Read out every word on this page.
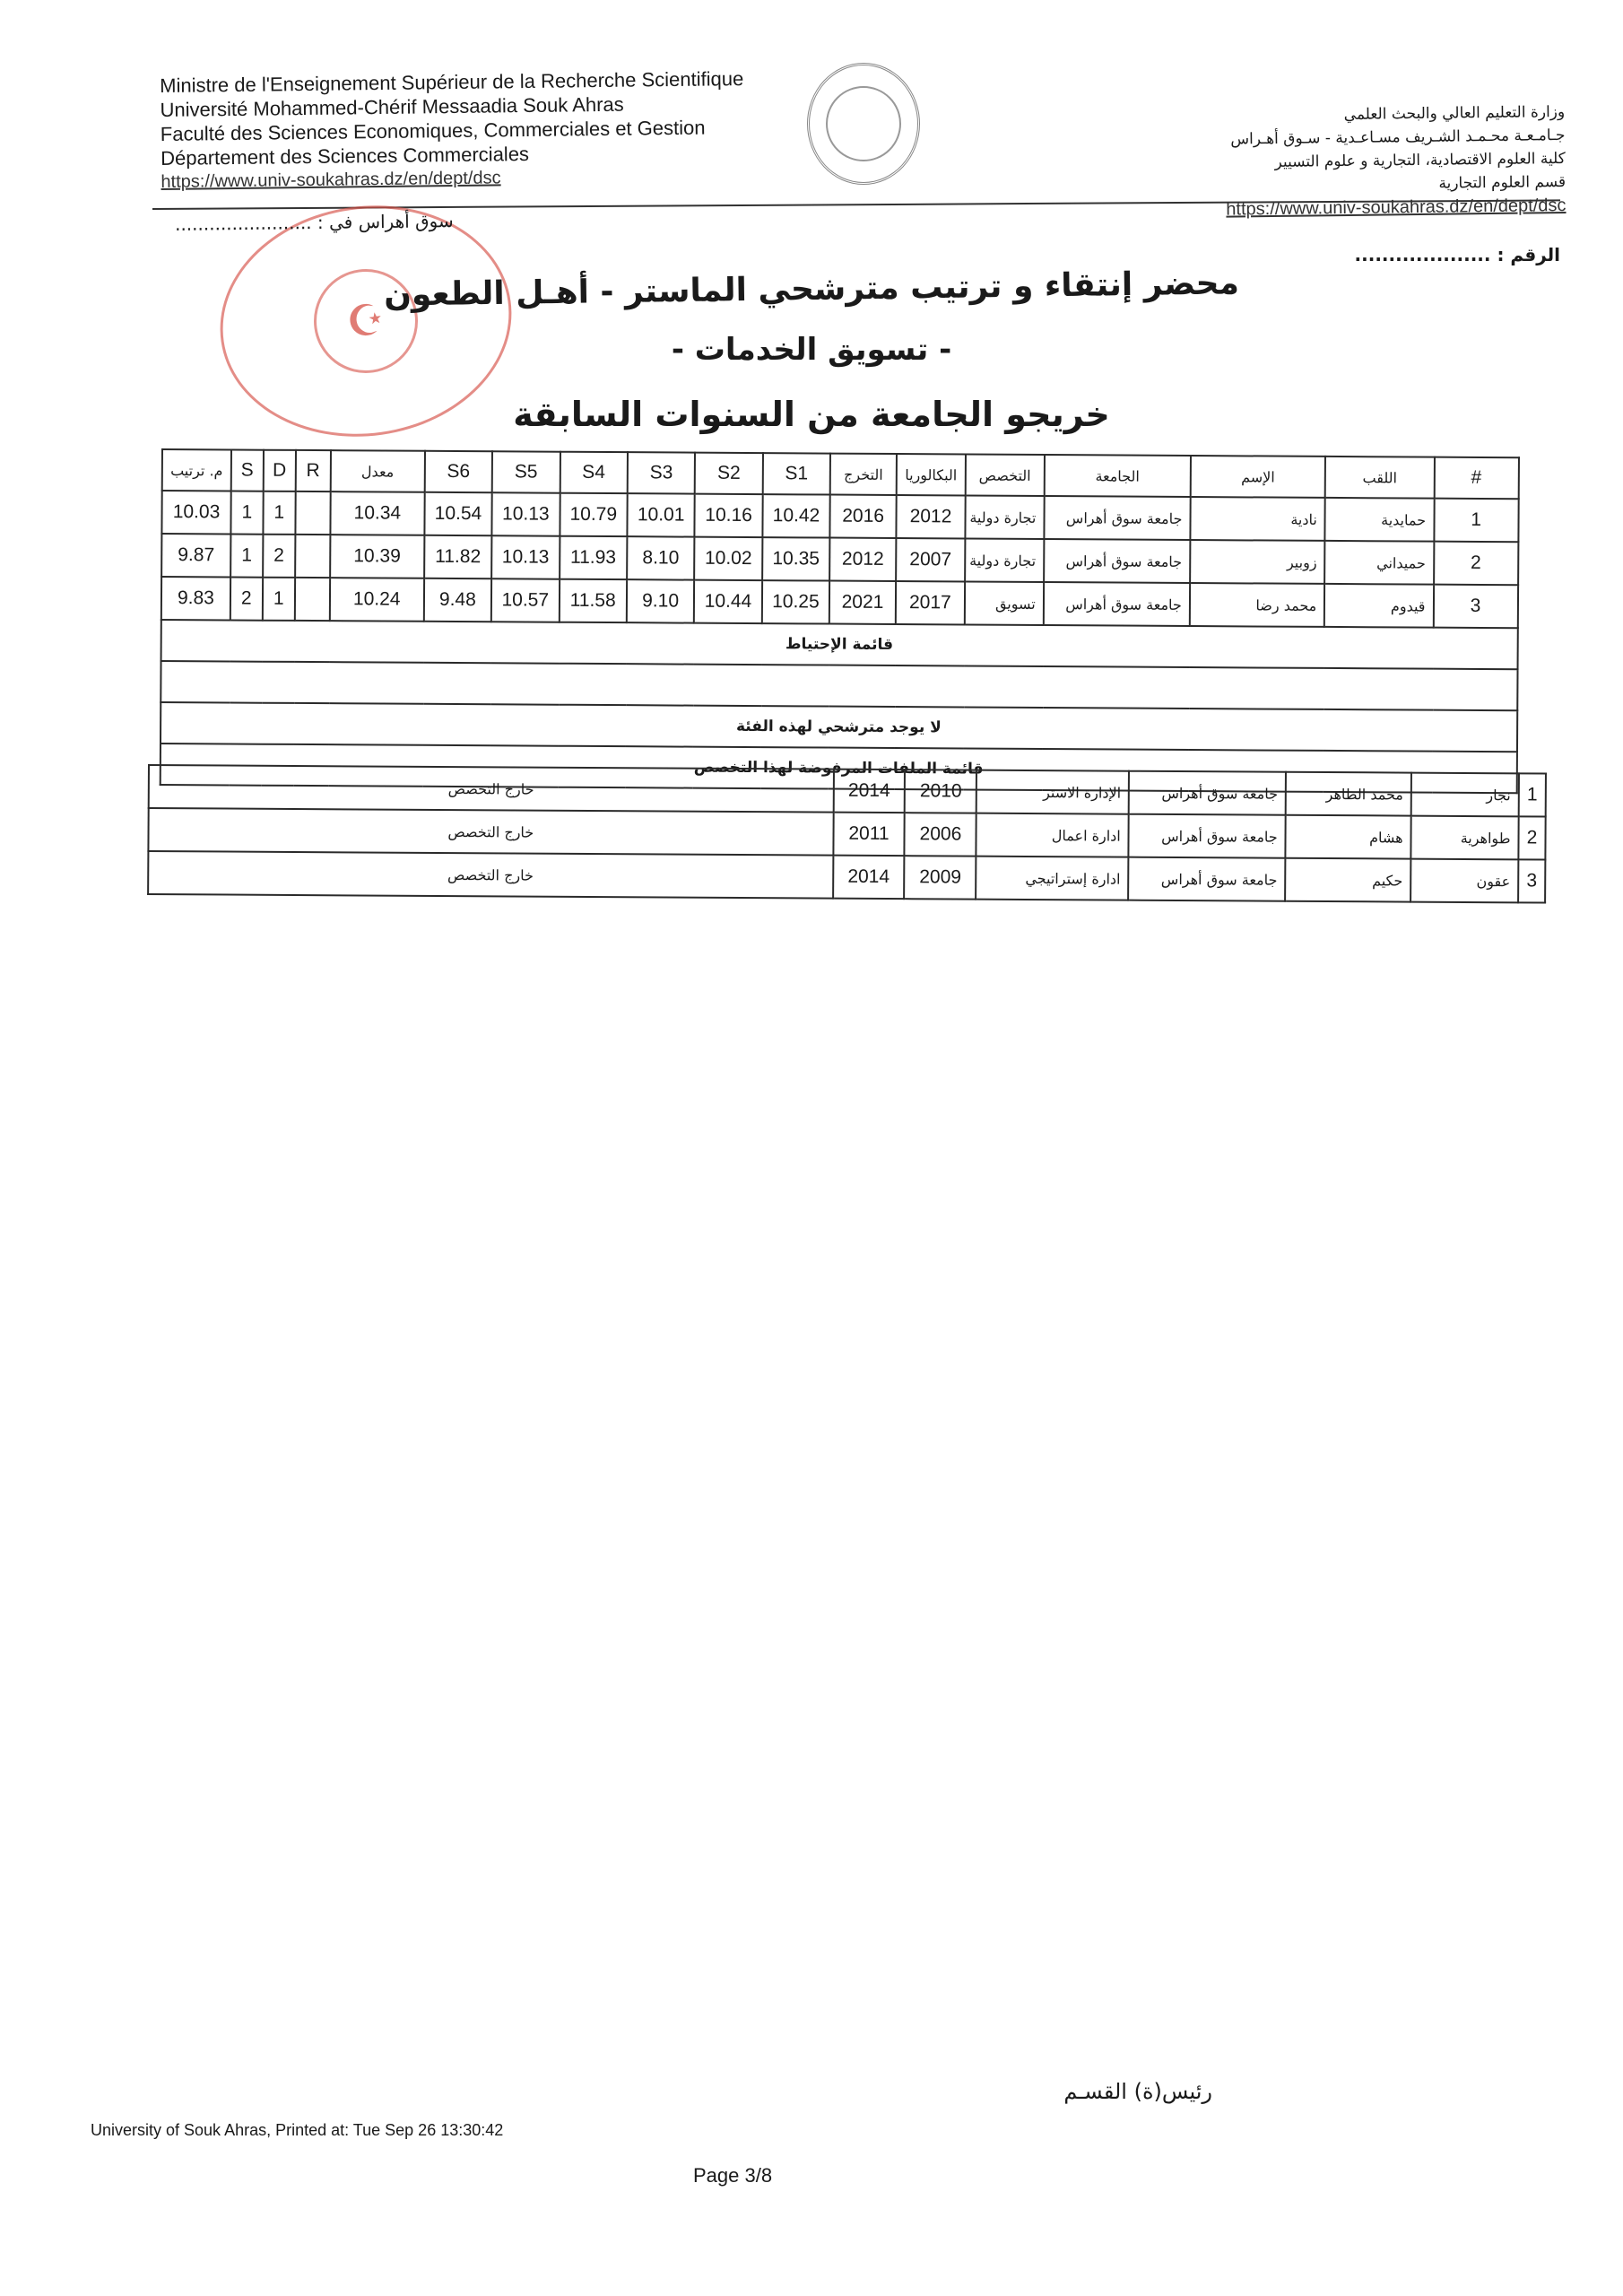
Ministre de l'Enseignement Supérieur de la Recherche Scientifique
Université Mohammed-Chérif Messaadia Souk Ahras
Faculté des Sciences Economiques, Commerciales et Gestion
Département des Sciences Commerciales
https://www.univ-soukahras.dz/en/dept/dsc
وزارة التعليم العالي والبحث العلمي
جـامـعـة محـمـد الشـريف مسـاعـدية - سـوق أهـراس
كلية العلوم الاقتصادية، التجارية و علوم التسيير
قسم العلوم التجارية
https://www.univ-soukahras.dz/en/dept/dsc
☪
سوق أهراس في : ........................
الرقم : ....................
محضر إنتقاء و ترتيب مترشحي الماستر - أهـل الطعون
- تسويق الخدمات -
خريجو الجامعة من السنوات السابقة
م. ترتيب	S	D	R	معدل	S6	S5	S4	S3	S2	S1	التخرج	البكالوريا	التخصص	الجامعة	الإسم	اللقب	#
10.03	1	1		10.34	10.54	10.13	10.79	10.01	10.16	10.42	2016	2012	تجارة دولية	جامعة سوق أهراس	نادية	حمايدية	1
9.87	1	2		10.39	11.82	10.13	11.93	8.10	10.02	10.35	2012	2007	تجارة دولية	جامعة سوق أهراس	زوبير	حميداني	2
9.83	2	1		10.24	9.48	10.57	11.58	9.10	10.44	10.25	2021	2017	تسويق	جامعة سوق أهراس	محمد رضا	قيدوم	3
قائمة الإحتياط																	

لا يوجد مترشحي لهذه الفئة																	
قائمة الملفات المرفوضة لهذا التخصص																	
خارج التخصص	2014	2010	الإدارة الاستر	جامعة سوق أهراس	محمد الطاهر	نجار	1
خارج التخصص	2011	2006	ادارة اعمال	جامعة سوق أهراس	هشام	طواهرية	2
خارج التخصص	2014	2009	ادارة إستراتيجي	جامعة سوق أهراس	حكيم	عقون	3
رئيس(ة) القسـم
University of Souk Ahras, Printed at: Tue Sep 26 13:30:42
Page 3/8
